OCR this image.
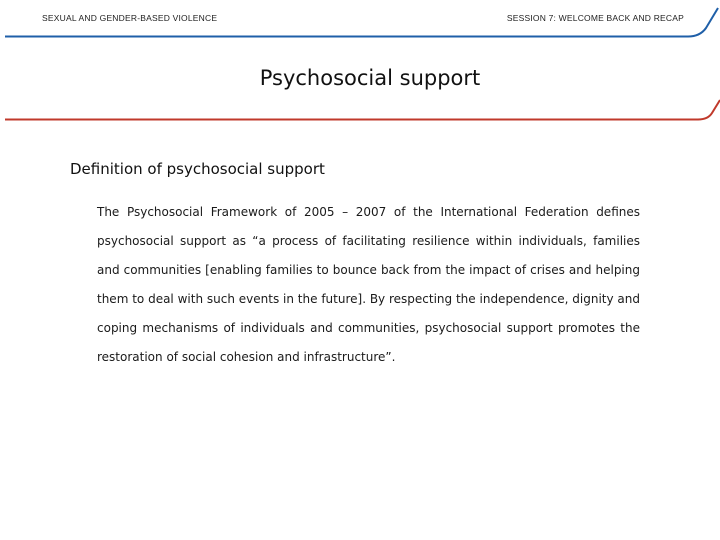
SEXUAL AND GENDER-BASED VIOLENCE	SESSION 7: WELCOME BACK AND RECAP
Psychosocial support
Definition of psychosocial support
The Psychosocial Framework of 2005 – 2007 of the International Federation defines psychosocial support as “a process of facilitating resilience within individuals, families and communities [enabling families to bounce back from the impact of crises and helping them to deal with such events in the future]. By respecting the independence, dignity and coping mechanisms of individuals and communities, psychosocial support promotes the restoration of social cohesion and infrastructure”.
